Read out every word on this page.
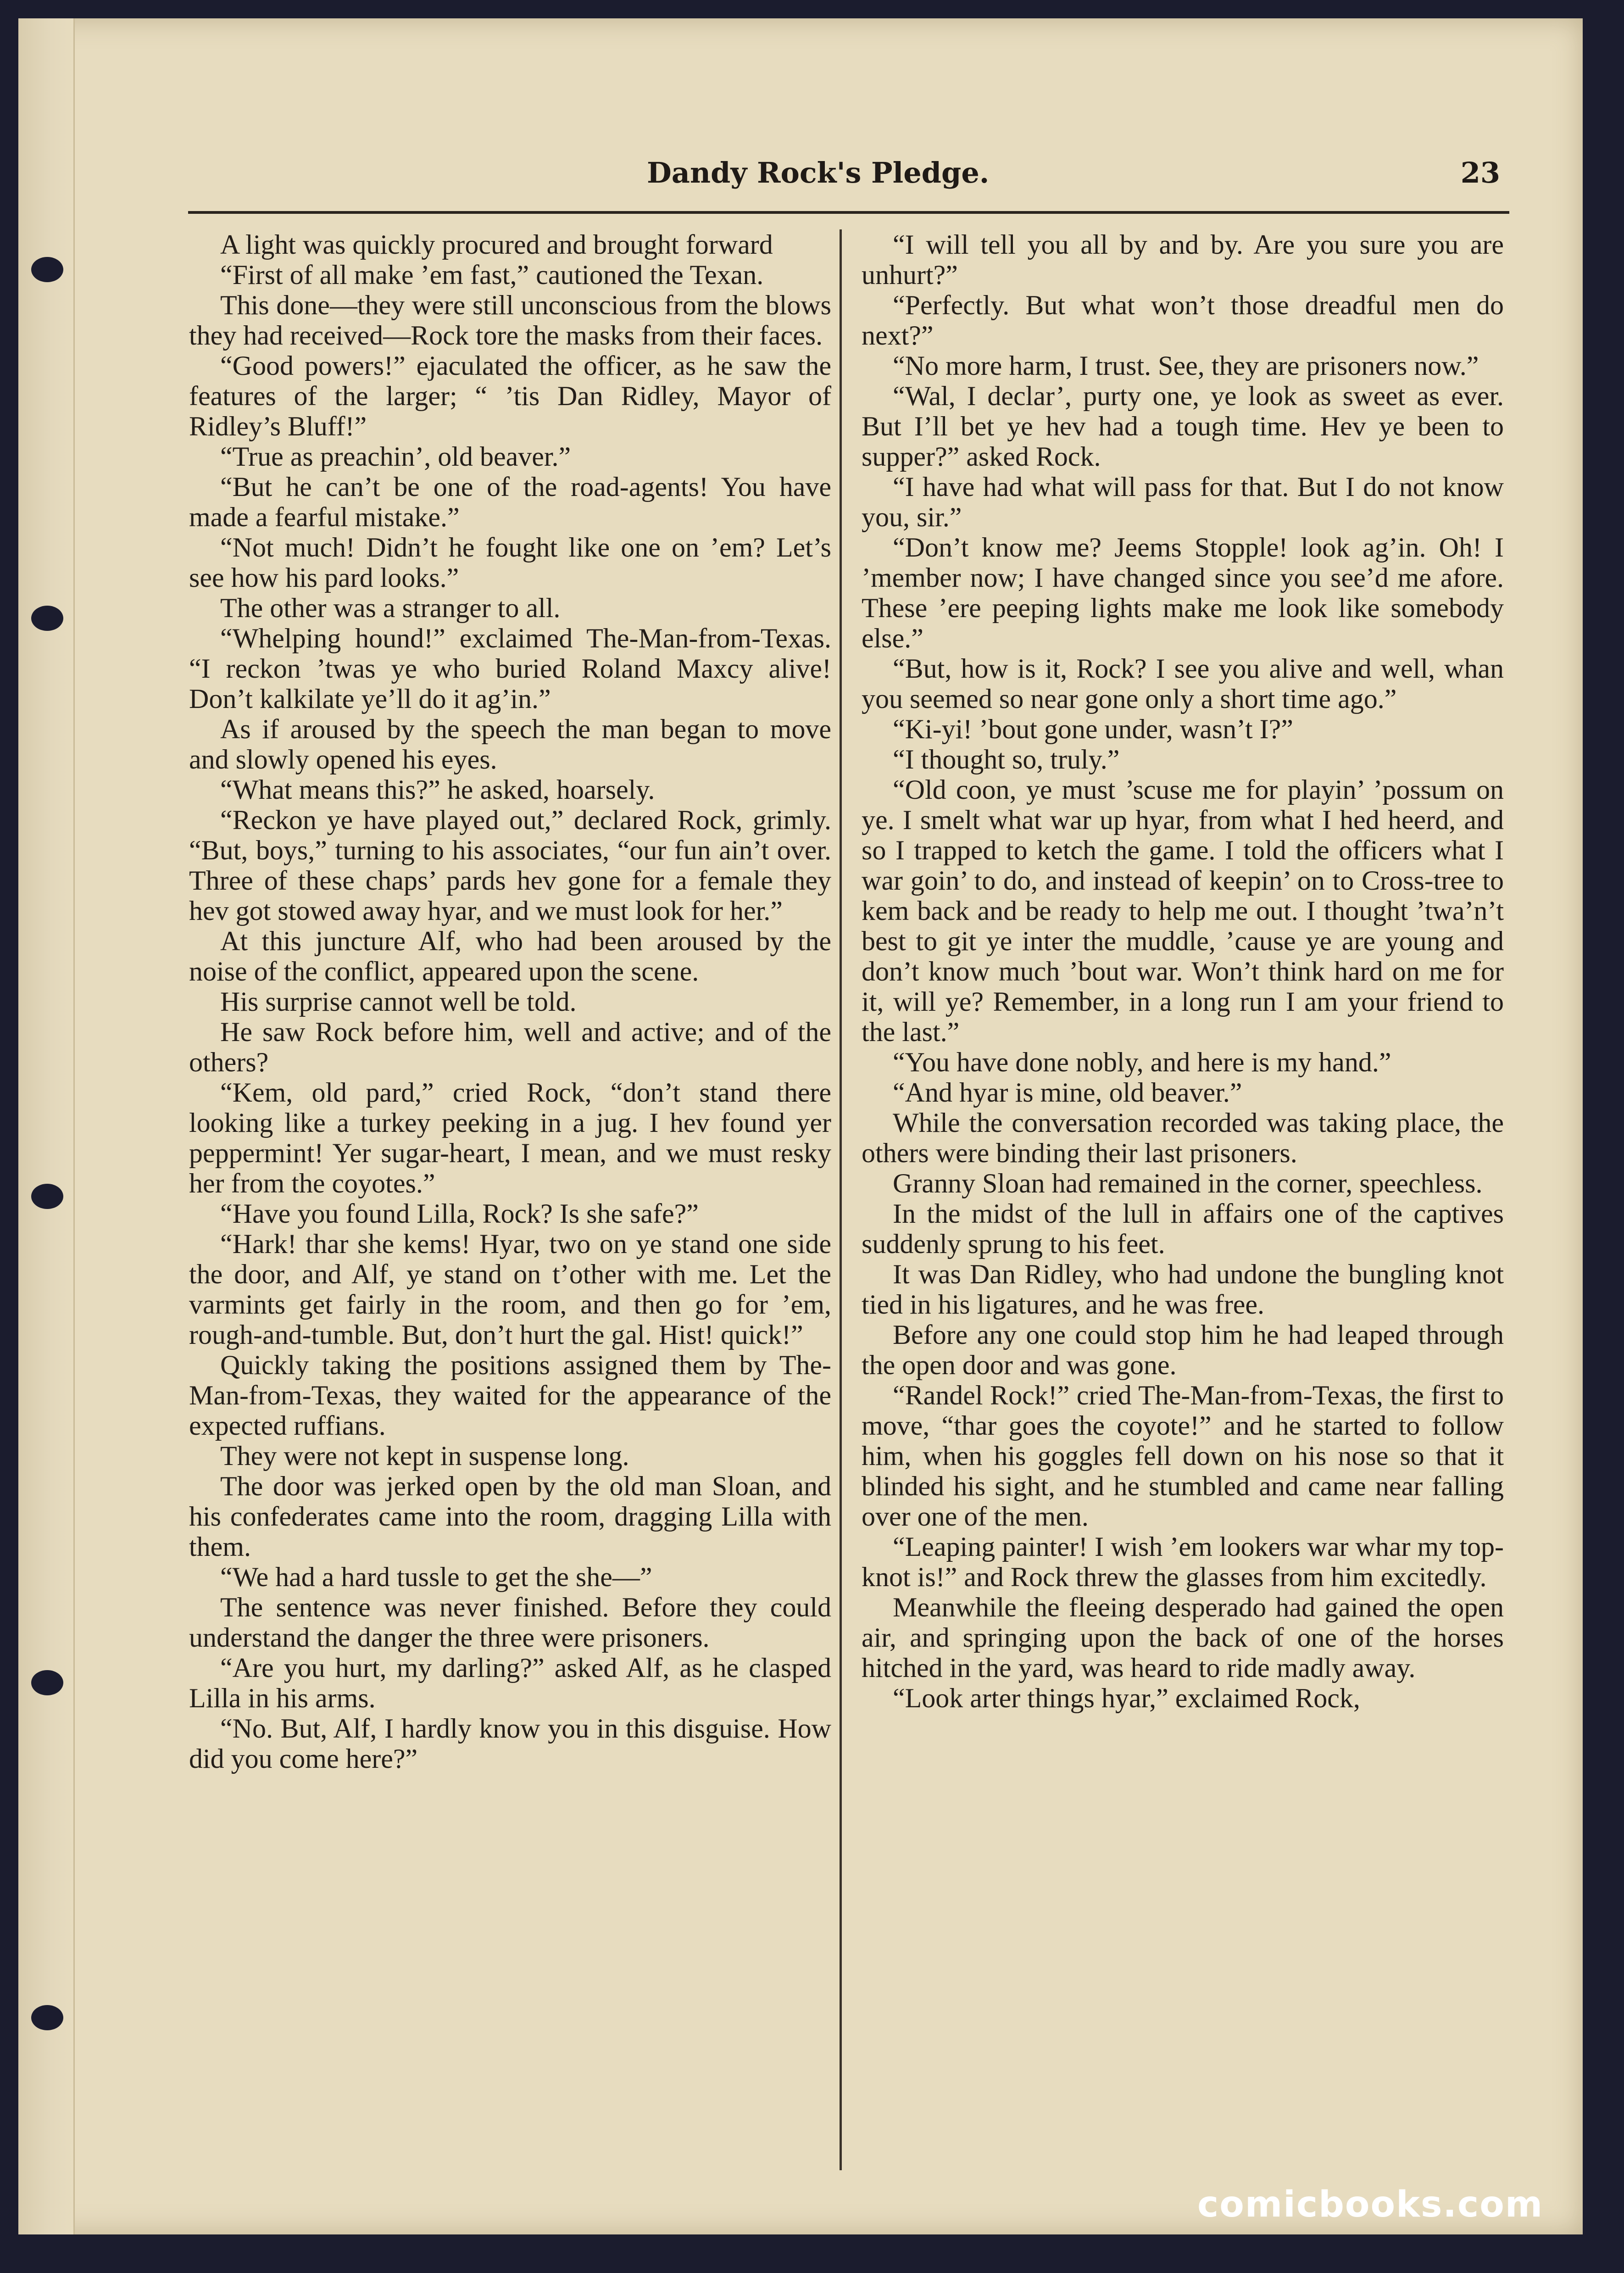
Dandy Rock's Pledge.	23

A light was quickly procured and brought forward

“First of all make ’em fast,” cautioned the Texan.

This done—they were still unconscious from the blows they had received—Rock tore the masks from their faces.

“Good powers!” ejaculated the officer, as he saw the features of the larger; “ ’tis Dan Ridley, Mayor of Ridley’s Bluff!”

“True as preachin’, old beaver.”

“But he can’t be one of the road-agents! You have made a fearful mistake.”

“Not much! Didn’t he fought like one on ’em? Let’s see how his pard looks.”

The other was a stranger to all.

“Whelping hound!” exclaimed The-Man-from-Texas. “I reckon ’twas ye who buried Roland Maxcy alive! Don’t kalkilate ye’ll do it ag’in.”

As if aroused by the speech the man began to move and slowly opened his eyes.

“What means this?” he asked, hoarsely.

“Reckon ye have played out,” declared Rock, grimly. “But, boys,” turning to his associates, “our fun ain’t over. Three of these chaps’ pards hev gone for a female they hev got stowed away hyar, and we must look for her.”

At this juncture Alf, who had been aroused by the noise of the conflict, appeared upon the scene.

His surprise cannot well be told.

He saw Rock before him, well and active; and of the others?

“Kem, old pard,” cried Rock, “don’t stand there looking like a turkey peeking in a jug. I hev found yer peppermint! Yer sugar-heart, I mean, and we must resky her from the coyotes.”

“Have you found Lilla, Rock? Is she safe?”

“Hark! thar she kems! Hyar, two on ye stand one side the door, and Alf, ye stand on t’other with me. Let the varmints get fairly in the room, and then go for ’em, rough-and-tumble. But, don’t hurt the gal. Hist! quick!”

Quickly taking the positions assigned them by The-Man-from-Texas, they waited for the appearance of the expected ruffians.

They were not kept in suspense long.

The door was jerked open by the old man Sloan, and his confederates came into the room, dragging Lilla with them.

“We had a hard tussle to get the she—”

The sentence was never finished. Before they could understand the danger the three were prisoners.

“Are you hurt, my darling?” asked Alf, as he clasped Lilla in his arms.

“No. But, Alf, I hardly know you in this disguise. How did you come here?”

“I will tell you all by and by. Are you sure you are unhurt?”

“Perfectly. But what won’t those dreadful men do next?”

“No more harm, I trust. See, they are prisoners now.”

“Wal, I declar’, purty one, ye look as sweet as ever. But I’ll bet ye hev had a tough time. Hev ye been to supper?” asked Rock.

“I have had what will pass for that. But I do not know you, sir.”

“Don’t know me? Jeems Stopple! look ag’in. Oh! I ’member now; I have changed since you see’d me afore. These ’ere peeping lights make me look like somebody else.”

“But, how is it, Rock? I see you alive and well, whan you seemed so near gone only a short time ago.”

“Ki-yi! ’bout gone under, wasn’t I?”

“I thought so, truly.”

“Old coon, ye must ’scuse me for playin’ ’possum on ye. I smelt what war up hyar, from what I hed heerd, and so I trapped to ketch the game. I told the officers what I war goin’ to do, and instead of keepin’ on to Cross-tree to kem back and be ready to help me out. I thought ’twa’n’t best to git ye inter the muddle, ’cause ye are young and don’t know much ’bout war. Won’t think hard on me for it, will ye? Remember, in a long run I am your friend to the last.”

“You have done nobly, and here is my hand.”

“And hyar is mine, old beaver.”

While the conversation recorded was taking place, the others were binding their last prisoners.

Granny Sloan had remained in the corner, speechless.

In the midst of the lull in affairs one of the captives suddenly sprung to his feet.

It was Dan Ridley, who had undone the bungling knot tied in his ligatures, and he was free.

Before any one could stop him he had leaped through the open door and was gone.

“Randel Rock!” cried The-Man-from-Texas, the first to move, “thar goes the coyote!” and he started to follow him, when his goggles fell down on his nose so that it blinded his sight, and he stumbled and came near falling over one of the men.

“Leaping painter! I wish ’em lookers war whar my top-knot is!” and Rock threw the glasses from him excitedly.

Meanwhile the fleeing desperado had gained the open air, and springing upon the back of one of the horses hitched in the yard, was heard to ride madly away.

“Look arter things hyar,” exclaimed Rock,

comicbooks.com
